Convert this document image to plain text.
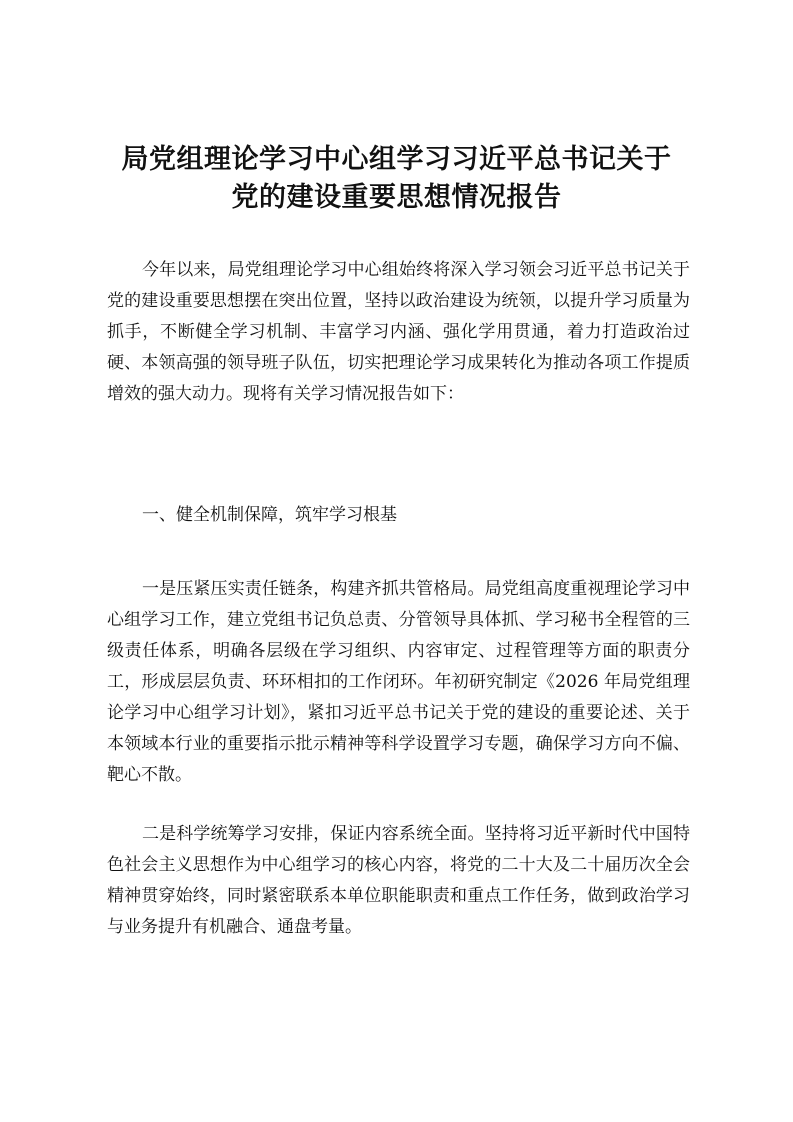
局党组理论学习中心组学习习近平总书记关于
党的建设重要思想情况报告

今年以来，局党组理论学习中心组始终将深入学习领会习近平总书记关于党的建设重要思想摆在突出位置，坚持以政治建设为统领，以提升学习质量为抓手，不断健全学习机制、丰富学习内涵、强化学用贯通，着力打造政治过硬、本领高强的领导班子队伍，切实把理论学习成果转化为推动各项工作提质增效的强大动力。现将有关学习情况报告如下：

一、健全机制保障，筑牢学习根基

一是压紧压实责任链条，构建齐抓共管格局。局党组高度重视理论学习中心组学习工作，建立党组书记负总责、分管领导具体抓、学习秘书全程管的三级责任体系，明确各层级在学习组织、内容审定、过程管理等方面的职责分工，形成层层负责、环环相扣的工作闭环。年初研究制定《2026 年局党组理论学习中心组学习计划》，紧扣习近平总书记关于党的建设的重要论述、关于本领域本行业的重要指示批示精神等科学设置学习专题，确保学习方向不偏、靶心不散。

二是科学统筹学习安排，保证内容系统全面。坚持将习近平新时代中国特色社会主义思想作为中心组学习的核心内容，将党的二十大及二十届历次全会精神贯穿始终，同时紧密联系本单位职能职责和重点工作任务，做到政治学习与业务提升有机融合、通盘考量。
